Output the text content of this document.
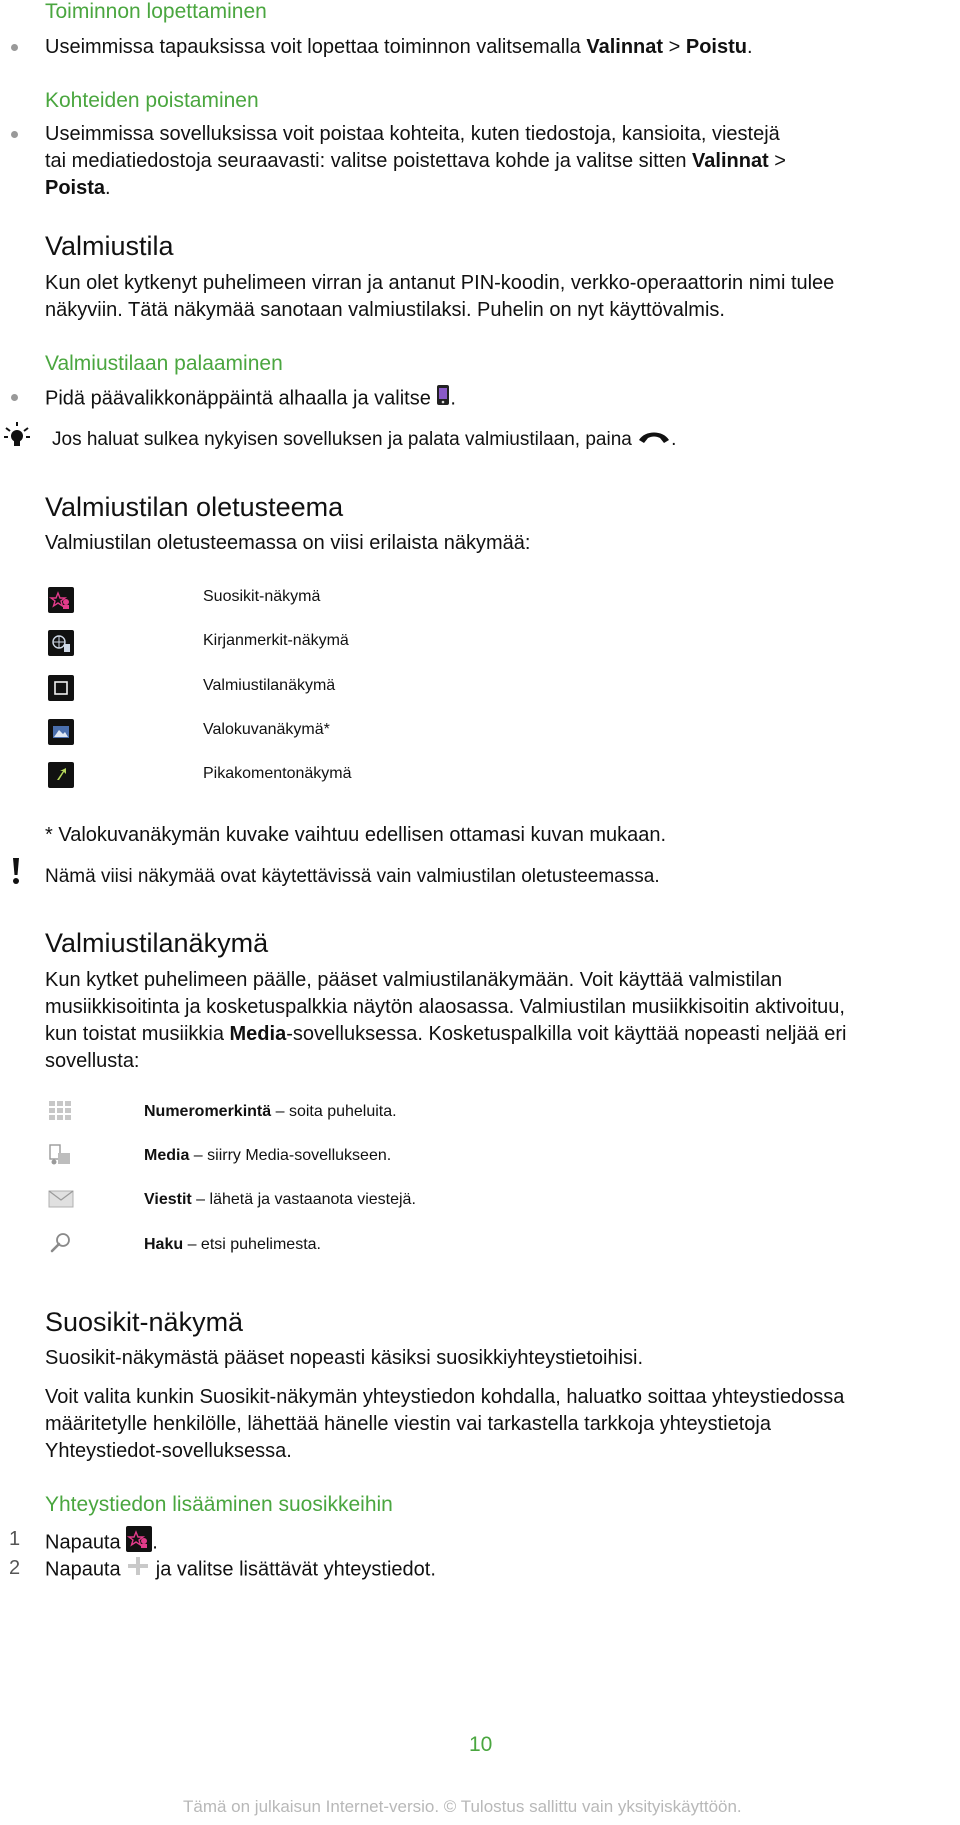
Toiminnon lopettaminen
Useimmissa tapauksissa voit lopettaa toiminnon valitsemalla Valinnat > Poistu.
Kohteiden poistaminen
Useimmissa sovelluksissa voit poistaa kohteita, kuten tiedostoja, kansioita, viestejä
tai mediatiedostoja seuraavasti: valitse poistettava kohde ja valitse sitten Valinnat >
Poista.
Valmiustila
Kun olet kytkenyt puhelimeen virran ja antanut PIN-koodin, verkko-operaattorin nimi tulee
näkyviin. Tätä näkymää sanotaan valmiustilaksi. Puhelin on nyt käyttövalmis.
Valmiustilaan palaaminen
Pidä päävalikkonäppäintä alhaalla ja valitse .
Jos haluat sulkea nykyisen sovelluksen ja palata valmiustilaan, paina .
Valmiustilan oletusteema
Valmiustilan oletusteemassa on viisi erilaista näkymää:
Suosikit-näkymä
Kirjanmerkit-näkymä
Valmiustilanäkymä
Valokuvanäkymä*
Pikakomentonäkymä
* Valokuvanäkymän kuvake vaihtuu edellisen ottamasi kuvan mukaan.
Nämä viisi näkymää ovat käytettävissä vain valmiustilan oletusteemassa.
Valmiustilanäkymä
Kun kytket puhelimeen päälle, pääset valmiustilanäkymään. Voit käyttää valmistilan
musiikkisoitinta ja kosketuspalkkia näytön alaosassa. Valmiustilan musiikkisoitin aktivoituu,
kun toistat musiikkia Media-sovelluksessa. Kosketuspalkilla voit käyttää nopeasti neljää eri
sovellusta:
Numeromerkintä – soita puheluita.
Media – siirry Media-sovellukseen.
Viestit – lähetä ja vastaanota viestejä.
Haku – etsi puhelimesta.
Suosikit-näkymä
Suosikit-näkymästä pääset nopeasti käsiksi suosikkiyhteystietoihisi.
Voit valita kunkin Suosikit-näkymän yhteystiedon kohdalla, haluatko soittaa yhteystiedossa
määritetylle henkilölle, lähettää hänelle viestin vai tarkastella tarkkoja yhteystietoja
Yhteystiedot-sovelluksessa.
Yhteystiedon lisääminen suosikkeihin
1 Napauta .
2 Napauta  ja valitse lisättävät yhteystiedot.
10
Tämä on julkaisun Internet-versio. © Tulostus sallittu vain yksityiskäyttöön.
